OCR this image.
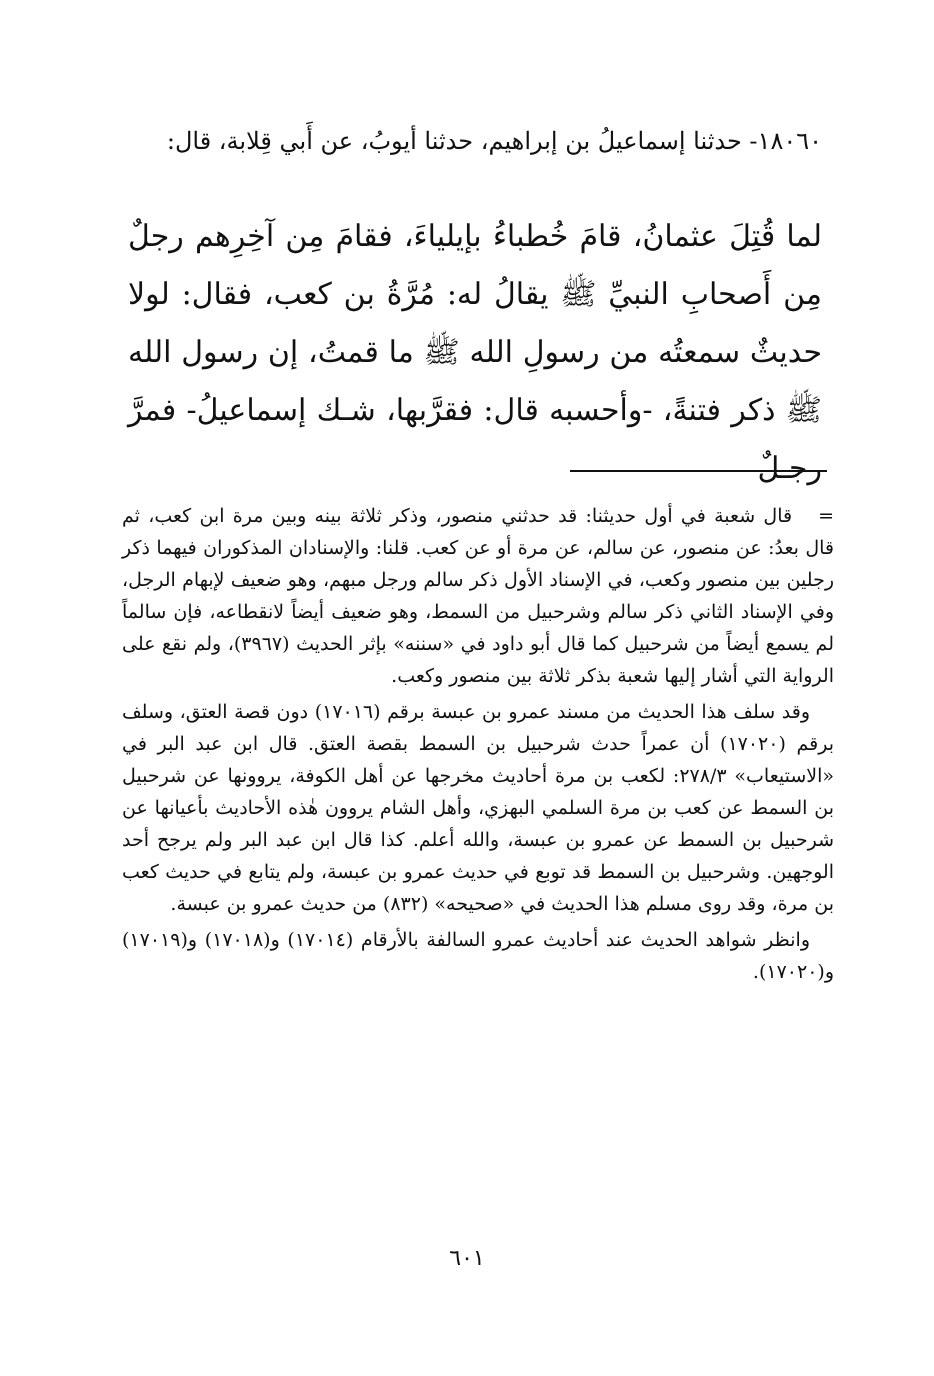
١٨٠٦٠- حدثنا إسماعيلُ بن إبراهيم، حدثنا أيوبُ، عن أَبي قِلابة، قال:

لما قُتِلَ عثمانُ، قامَ خُطباءُ بإيلياءَ، فقامَ مِن آخِرِهم رجلٌ مِن أَصحابِ النبيِّ ﷺ يقالُ له: مُرَّةُ بن كعب، فقال: لولا حديثٌ سمعتُه من رسولِ الله ﷺ ما قمتُ، إن رسول الله ﷺ ذكر فتنةً، -وأحسبه قال: فقرَّبها، شـك إسماعيلُ- فمرَّ رجـلٌ

=قال شعبة في أول حديثنا: قد حدثني منصور، وذكر ثلاثة بينه وبين مرة ابن كعب، ثم قال بعدُ: عن منصور، عن سالم، عن مرة أو عن كعب. قلنا: والإسنادان المذكوران فيهما ذكر رجلين بين منصور وكعب، في الإسناد الأول ذكر سالم ورجل مبهم، وهو ضعيف لإبهام الرجل، وفي الإسناد الثاني ذكر سالم وشرحبيل من السمط، وهو ضعيف أيضاً لانقطاعه، فإن سالماً لم يسمع أيضاً من شرحبيل كما قال أبو داود في «سننه» بإثر الحديث (٣٩٦٧)، ولم نقع على الرواية التي أشار إليها شعبة بذكر ثلاثة بين منصور وكعب.

وقد سلف هذا الحديث من مسند عمرو بن عبسة برقم (١٧٠١٦) دون قصة العتق، وسلف برقم (١٧٠٢٠) أن عمراً حدث شرحبيل بن السمط بقصة العتق. قال ابن عبد البر في «الاستيعاب» ٢٧٨/٣: لكعب بن مرة أحاديث مخرجها عن أهل الكوفة، يروونها عن شرحبيل بن السمط عن كعب بن مرة السلمي البهزي، وأهل الشام يروون هٰذه الأحاديث بأعيانها عن شرحبيل بن السمط عن عمرو بن عبسة، والله أعلم. كذا قال ابن عبد البر ولم يرجح أحد الوجهين. وشرحبيل بن السمط قد توبع في حديث عمرو بن عبسة، ولم يتابع في حديث كعب بن مرة، وقد روى مسلم هذا الحديث في «صحيحه» (٨٣٢) من حديث عمرو بن عبسة.

وانظر شواهد الحديث عند أحاديث عمرو السالفة بالأرقام (١٧٠١٤) و(١٧٠١٨) و(١٧٠١٩) و(١٧٠٢٠).

٦٠١
